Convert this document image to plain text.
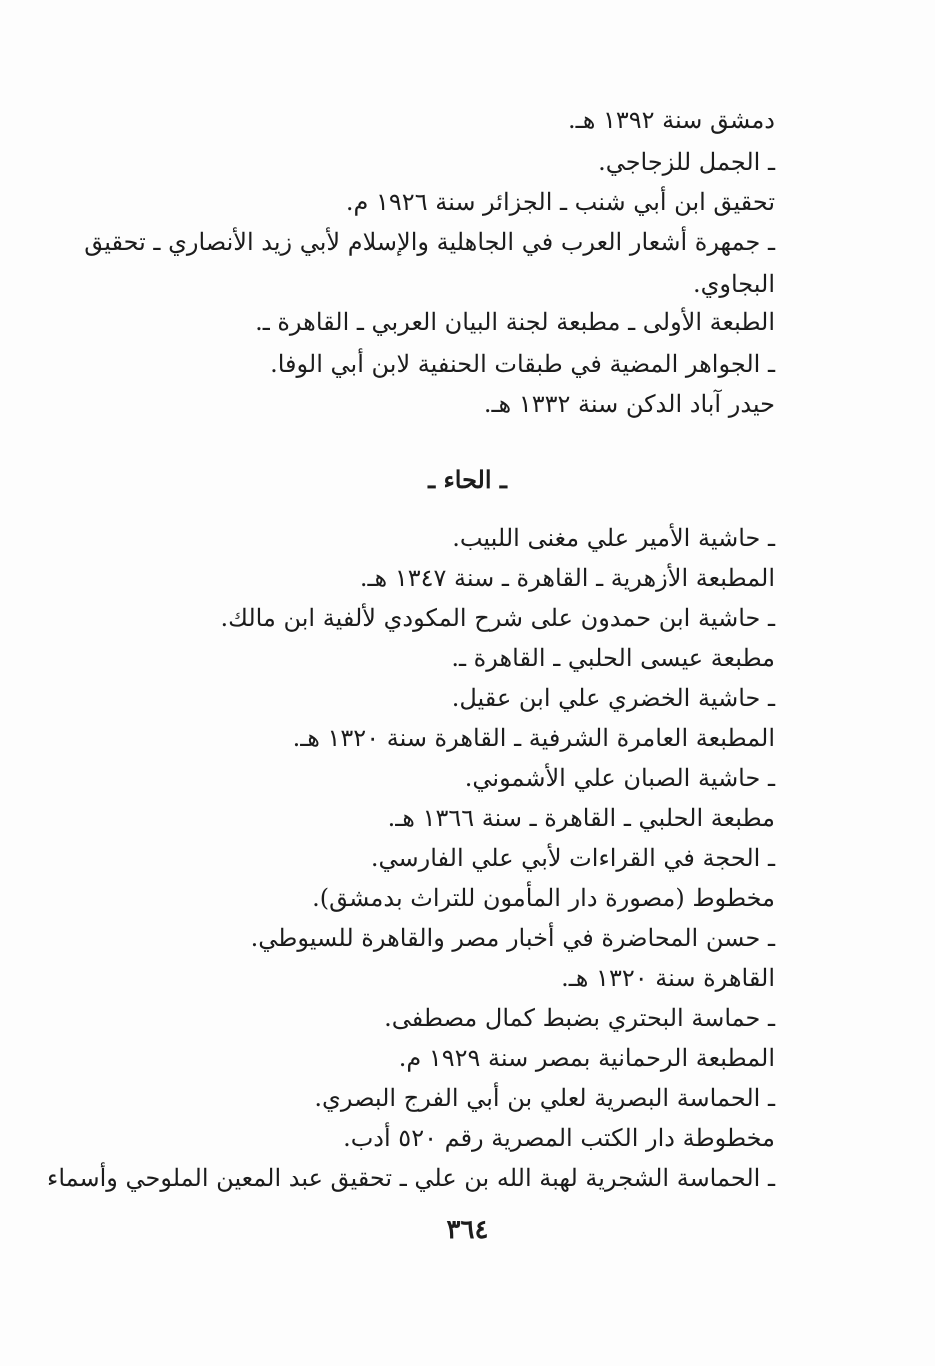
دمشق سنة ١٣٩٢ هـ.
ـ الجمل للزجاجي.
تحقيق ابن أبي شنب ـ الجزائر سنة ١٩٢٦ م.
ـ جمهرة أشعار العرب في الجاهلية والإسلام لأبي زيد الأنصاري ـ تحقيق
البجاوي.
الطبعة الأولى ـ مطبعة لجنة البيان العربي ـ القاهرة ـ.
ـ الجواهر المضية في طبقات الحنفية لابن أبي الوفا.
حيدر آباد الدكن سنة ١٣٣٢ هـ.
ـ الحاء ـ
ـ حاشية الأمير علي مغنى اللبيب.
المطبعة الأزهرية ـ القاهرة ـ سنة ١٣٤٧ هـ.
ـ حاشية ابن حمدون على شرح المكودي لألفية ابن مالك.
مطبعة عيسى الحلبي ـ القاهرة ـ.
ـ حاشية الخضري علي ابن عقيل.
المطبعة العامرة الشرفية ـ القاهرة سنة ١٣٢٠ هـ.
ـ حاشية الصبان علي الأشموني.
مطبعة الحلبي ـ القاهرة ـ سنة ١٣٦٦ هـ.
ـ الحجة في القراءات لأبي علي الفارسي.
مخطوط (مصورة دار المأمون للتراث بدمشق).
ـ حسن المحاضرة في أخبار مصر والقاهرة للسيوطي.
القاهرة سنة ١٣٢٠ هـ.
ـ حماسة البحتري بضبط كمال مصطفى.
المطبعة الرحمانية بمصر سنة ١٩٢٩ م.
ـ الحماسة البصرية لعلي بن أبي الفرج البصري.
مخطوطة دار الكتب المصرية رقم ٥٢٠ أدب.
ـ الحماسة الشجرية لهبة الله بن علي ـ تحقيق عبد المعين الملوحي وأسماء
٣٦٤
